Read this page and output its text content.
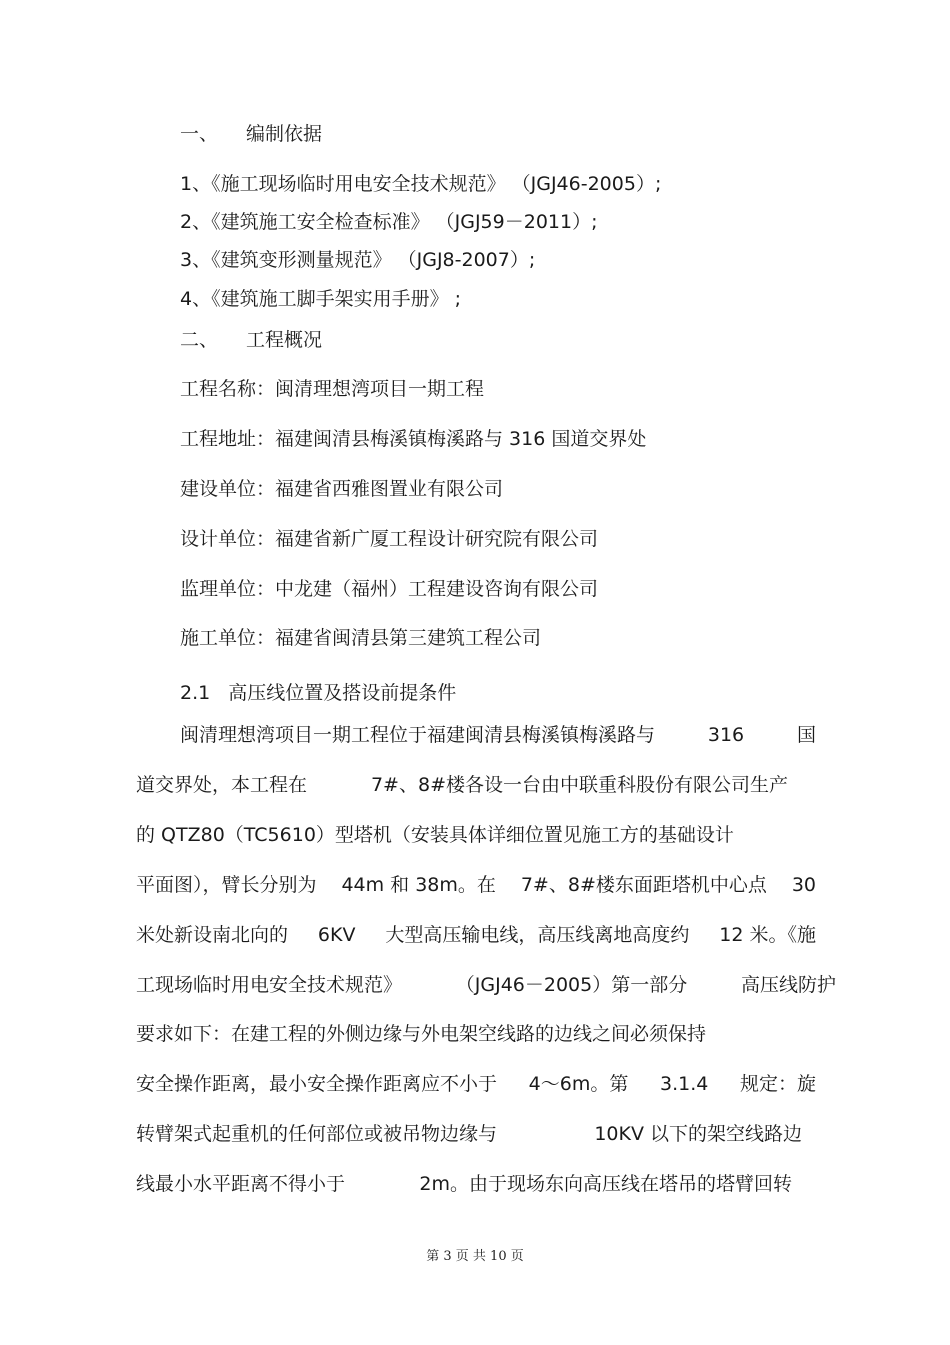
一、 编制依据
1、《施工现场临时用电安全技术规范》 （JGJ46-2005）;
2、《建筑施工安全检查标准》 （JGJ59－2011）;
3、《建筑变形测量规范》 （JGJ8-2007）;
4、《建筑施工脚手架实用手册》 ;
二、 工程概况
工程名称：闽清理想湾项目一期工程
工程地址：福建闽清县梅溪镇梅溪路与 316 国道交界处
建设单位：福建省西雅图置业有限公司
设计单位：福建省新广厦工程设计研究院有限公司
监理单位：中龙建（福州）工程建设咨询有限公司
施工单位：福建省闽清县第三建筑工程公司
2.1 高压线位置及搭设前提条件
闽清理想湾项目一期工程位于福建闽清县梅溪镇梅溪路与	316	国
道交界处，本工程在	7#、8#楼各设一台由中联重科股份有限公司生产
的 QTZ80（TC5610）型塔机（安装具体详细位置见施工方的基础设计
平面图），臂长分别为 44m 和 38m。在 7#、8#楼东面距塔机中心点 30
米处新设南北向的 6KV 大型高压输电线，高压线离地高度约 12 米。《施
工现场临时用电安全技术规范》	（JGJ46－2005）第一部分	高压线防护
要求如下：在建工程的外侧边缘与外电架空线路的边线之间必须保持
安全操作距离，最小安全操作距离应不小于 4～6m。第 3.1.4 规定：旋
转臂架式起重机的任何部位或被吊物边缘与	10KV 以下的架空线路边
线最小水平距离不得小于	2m。由于现场东向高压线在塔吊的塔臂回转
第 3 页 共 10 页
